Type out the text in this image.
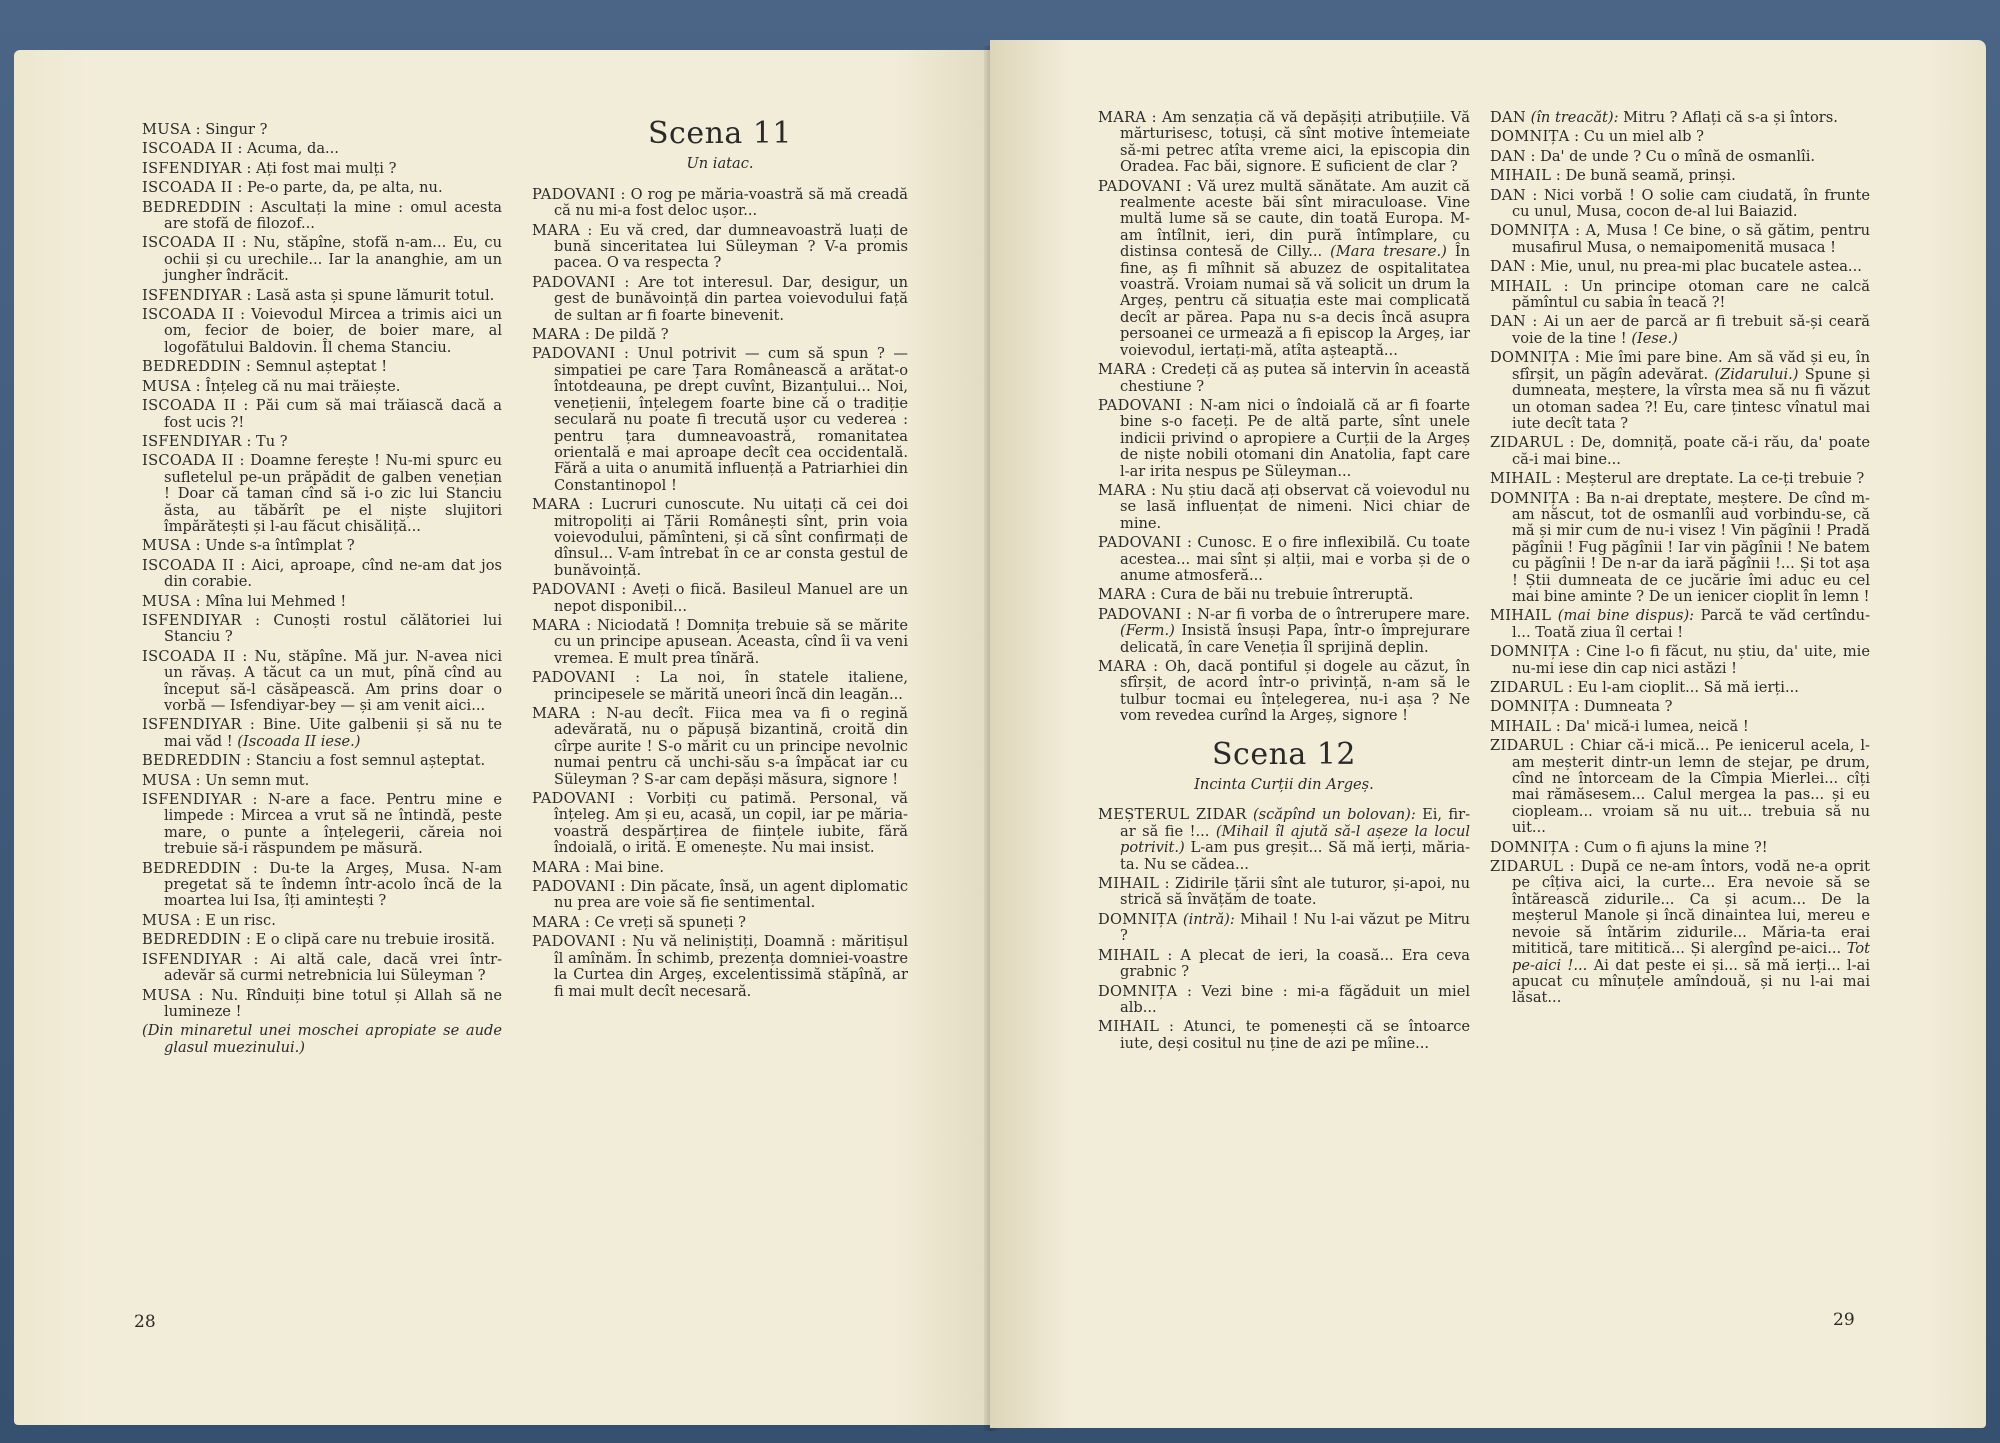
MUSA : Singur ?

ISCOADA II : Acuma, da...

ISFENDIYAR : Ați fost mai mulți ?

ISCOADA II : Pe-o parte, da, pe alta, nu.

BEDREDDIN : Ascultați la mine : omul acesta are stofă de filozof...

ISCOADA II : Nu, stăpîne, stofă n-am... Eu, cu ochii și cu urechile... Iar la ananghie, am un jungher îndrăcit.

ISFENDIYAR : Lasă asta și spune lămurit totul.

ISCOADA II : Voievodul Mircea a trimis aici un om, fecior de boier, de boier mare, al logofătului Baldovin. Îl chema Stanciu.

BEDREDDIN : Semnul așteptat !

MUSA : Înțeleg că nu mai trăiește.

ISCOADA II : Păi cum să mai trăiască dacă a fost ucis ?!

ISFENDIYAR : Tu ?

ISCOADA II : Doamne ferește ! Nu-mi spurc eu sufletelul pe-un prăpădit de galben venețian ! Doar că taman cînd să i-o zic lui Stanciu ăsta, au tăbărît pe el niște slujitori împărătești și l-au făcut chisăliță...

MUSA : Unde s-a întîmplat ?

ISCOADA II : Aici, aproape, cînd ne-am dat jos din corabie.

MUSA : Mîna lui Mehmed !

ISFENDIYAR : Cunoști rostul călătoriei lui Stanciu ?

ISCOADA II : Nu, stăpîne. Mă jur. N-avea nici un răvaș. A tăcut ca un mut, pînă cînd au început să-l căsăpească. Am prins doar o vorbă — Isfendiyar-bey — și am venit aici...

ISFENDIYAR : Bine. Uite galbenii și să nu te mai văd ! (Iscoada II iese.)

BEDREDDIN : Stanciu a fost semnul așteptat.

MUSA : Un semn mut.

ISFENDIYAR : N-are a face. Pentru mine e limpede : Mircea a vrut să ne întindă, peste mare, o punte a înțelegerii, căreia noi trebuie să-i răspundem pe măsură.

BEDREDDIN : Du-te la Argeș, Musa. N-am pregetat să te îndemn într-acolo încă de la moartea lui Isa, îți amintești ?

MUSA : E un risc.

BEDREDDIN : E o clipă care nu trebuie irosită.

ISFENDIYAR : Ai altă cale, dacă vrei într-adevăr să curmi netrebnicia lui Süleyman ?

MUSA : Nu. Rînduiți bine totul și Allah să ne lumineze !

(Din minaretul unei moschei apropiate se aude glasul muezinului.)

Scena 11
Un iatac.

PADOVANI : O rog pe măria-voastră să mă creadă că nu mi-a fost deloc ușor...

MARA : Eu vă cred, dar dumneavoastră luați de bună sinceritatea lui Süleyman ? V-a promis pacea. O va respecta ?

PADOVANI : Are tot interesul. Dar, desigur, un gest de bunăvoință din partea voievodului față de sultan ar fi foarte binevenit.

MARA : De pildă ?

PADOVANI : Unul potrivit — cum să spun ? — simpatiei pe care Țara Românească a arătat-o întotdeauna, pe drept cuvînt, Bizanțului... Noi, venețienii, înțelegem foarte bine că o tradiție seculară nu poate fi trecută ușor cu vederea : pentru țara dumneavoastră, romanitatea orientală e mai aproape decît cea occidentală. Fără a uita o anumită influență a Patriarhiei din Constantinopol !

MARA : Lucruri cunoscute. Nu uitați că cei doi mitropoliți ai Țării Românești sînt, prin voia voievodului, pămînteni, și că sînt confirmați de dînsul... V-am întrebat în ce ar consta gestul de bunăvoință.

PADOVANI : Aveți o fiică. Basileul Manuel are un nepot disponibil...

MARA : Niciodată ! Domnița trebuie să se mărite cu un principe apusean. Aceasta, cînd îi va veni vremea. E mult prea tînără.

PADOVANI : La noi, în statele italiene, principesele se mărită uneori încă din leagăn...

MARA : N-au decît. Fiica mea va fi o regină adevărată, nu o păpușă bizantină, croită din cîrpe aurite ! S-o mărit cu un principe nevolnic numai pentru că unchi-său s-a împăcat iar cu Süleyman ? S-ar cam depăși măsura, signore !

PADOVANI : Vorbiți cu patimă. Personal, vă înțeleg. Am și eu, acasă, un copil, iar pe măria-voastră despărțirea de ființele iubite, fără îndoială, o irită. E omenește. Nu mai insist.

MARA : Mai bine.

PADOVANI : Din păcate, însă, un agent diplomatic nu prea are voie să fie sentimental.

MARA : Ce vreți să spuneți ?

PADOVANI : Nu vă neliniștiți, Doamnă : măritișul îl amînăm. În schimb, prezența domniei-voastre la Curtea din Argeș, excelentissimă stăpînă, ar fi mai mult decît necesară.

28

MARA : Am senzația că vă depășiți atribuțiile. Vă mărturisesc, totuși, că sînt motive întemeiate să-mi petrec atîta vreme aici, la episcopia din Oradea. Fac băi, signore. E suficient de clar ?

PADOVANI : Vă urez multă sănătate. Am auzit că realmente aceste băi sînt miraculoase. Vine multă lume să se caute, din toată Europa. M-am întîlnit, ieri, din pură întîmplare, cu distinsa contesă de Cilly... (Mara tresare.) În fine, aș fi mîhnit să abuzez de ospitalitatea voastră. Vroiam numai să vă solicit un drum la Argeș, pentru că situația este mai complicată decît ar părea. Papa nu s-a decis încă asupra persoanei ce urmează a fi episcop la Argeș, iar voievodul, iertați-mă, atîta așteaptă...

MARA : Credeți că aș putea să intervin în această chestiune ?

PADOVANI : N-am nici o îndoială că ar fi foarte bine s-o faceți. Pe de altă parte, sînt unele indicii privind o apropiere a Curții de la Argeș de niște nobili otomani din Anatolia, fapt care l-ar irita nespus pe Süleyman...

MARA : Nu știu dacă ați observat că voievodul nu se lasă influențat de nimeni. Nici chiar de mine.

PADOVANI : Cunosc. E o fire inflexibilă. Cu toate acestea... mai sînt și alții, mai e vorba și de o anume atmosferă...

MARA : Cura de băi nu trebuie întreruptă.

PADOVANI : N-ar fi vorba de o întrerupere mare. (Ferm.) Insistă însuși Papa, într-o împrejurare delicată, în care Veneția îl sprijină deplin.

MARA : Oh, dacă pontiful și dogele au căzut, în sfîrșit, de acord într-o privință, n-am să le tulbur tocmai eu înțelegerea, nu-i așa ? Ne vom revedea curînd la Argeș, signore !

Scena 12
Incinta Curții din Argeș.

MEȘTERUL ZIDAR (scăpînd un bolovan): Ei, fir-ar să fie !... (Mihail îl ajută să-l așeze la locul potrivit.) L-am pus greșit... Să mă ierți, măria-ta. Nu se cădea...

MIHAIL : Zidirile țării sînt ale tuturor, și-apoi, nu strică să învățăm de toate.

DOMNIȚA (intră): Mihail ! Nu l-ai văzut pe Mitru ?

MIHAIL : A plecat de ieri, la coasă... Era ceva grabnic ?

DOMNIȚA : Vezi bine : mi-a făgăduit un miel alb...

MIHAIL : Atunci, te pomenești că se întoarce iute, deși cositul nu ține de azi pe mîine...

DAN (în treacăt): Mitru ? Aflați că s-a și întors.

DOMNIȚA : Cu un miel alb ?

DAN : Da' de unde ? Cu o mînă de osmanlîi.

MIHAIL : De bună seamă, prinși.

DAN : Nici vorbă ! O solie cam ciudată, în frunte cu unul, Musa, cocon de-al lui Baiazid.

DOMNIȚA : A, Musa ! Ce bine, o să gătim, pentru musafirul Musa, o nemaipomenită musaca !

DAN : Mie, unul, nu prea-mi plac bucatele astea...

MIHAIL : Un principe otoman care ne calcă pămîntul cu sabia în teacă ?!

DAN : Ai un aer de parcă ar fi trebuit să-și ceară voie de la tine ! (Iese.)

DOMNIȚA : Mie îmi pare bine. Am să văd și eu, în sfîrșit, un păgîn adevărat. (Zidarului.) Spune și dumneata, meștere, la vîrsta mea să nu fi văzut un otoman sadea ?! Eu, care țintesc vînatul mai iute decît tata ?

ZIDARUL : De, domniță, poate că-i rău, da' poate că-i mai bine...

MIHAIL : Meșterul are dreptate. La ce-ți trebuie ?

DOMNIȚA : Ba n-ai dreptate, meștere. De cînd m-am născut, tot de osmanlîi aud vorbindu-se, că mă și mir cum de nu-i visez ! Vin păgînii ! Pradă păgînii ! Fug păgînii ! Iar vin păgînii ! Ne batem cu păgînii ! De n-ar da iară păgînii !... Și tot așa ! Știi dumneata de ce jucărie îmi aduc eu cel mai bine aminte ? De un ienicer cioplit în lemn !

MIHAIL (mai bine dispus): Parcă te văd certîndu-l... Toată ziua îl certai !

DOMNIȚA : Cine l-o fi făcut, nu știu, da' uite, mie nu-mi iese din cap nici astăzi !

ZIDARUL : Eu l-am cioplit... Să mă ierți...

DOMNIȚA : Dumneata ?

MIHAIL : Da' mică-i lumea, neică !

ZIDARUL : Chiar că-i mică... Pe ienicerul acela, l-am meșterit dintr-un lemn de stejar, pe drum, cînd ne întorceam de la Cîmpia Mierlei... cîți mai rămăsesem... Calul mergea la pas... și eu ciopleam... vroiam să nu uit... trebuia să nu uit...

DOMNIȚA : Cum o fi ajuns la mine ?!

ZIDARUL : După ce ne-am întors, vodă ne-a oprit pe cîțiva aici, la curte... Era nevoie să se întărească zidurile... Ca și acum... De la meșterul Manole și încă dinaintea lui, mereu e nevoie să întărim zidurile... Măria-ta erai mititică, tare mititică... Și alergînd pe-aici... Tot pe-aici !... Ai dat peste ei și... să mă ierți... l-ai apucat cu mînuțele amîndouă, și nu l-ai mai lăsat...

29
